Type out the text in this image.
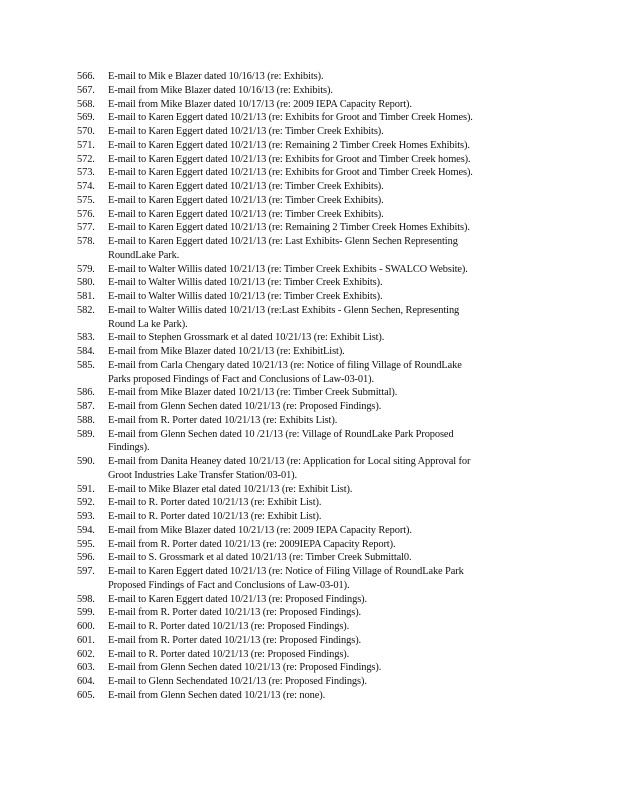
566.	E-mail to Mik e Blazer dated 10/16/13 (re: Exhibits).
567.	E-mail from Mike Blazer dated 10/16/13 (re: Exhibits).
568.	E-mail from Mike Blazer dated 10/17/13 (re: 2009 IEPA Capacity Report).
569.	E-mail to Karen Eggert dated 10/21/13 (re: Exhibits for Groot and Timber Creek Homes).
570.	E-mail to Karen Eggert dated 10/21/13 (re: Timber Creek Exhibits).
571.	E-mail to Karen Eggert dated 10/21/13 (re: Remaining 2 Timber Creek Homes Exhibits).
572.	E-mail to Karen Eggert dated 10/21/13 (re: Exhibits for Groot and Timber Creek homes).
573.	E-mail to Karen Eggert dated 10/21/13 (re: Exhibits for Groot and Timber Creek Homes).
574.	E-mail to Karen Eggert dated 10/21/13 (re: Timber Creek Exhibits).
575.	E-mail to Karen Eggert dated 10/21/13 (re: Timber Creek Exhibits).
576.	E-mail to Karen Eggert dated 10/21/13 (re: Timber Creek Exhibits).
577.	E-mail to Karen Eggert dated 10/21/13 (re: Remaining 2 Timber Creek Homes Exhibits).
578.	E-mail to Karen Eggert dated 10/21/13 (re: Last Exhibits- Glenn Sechen Representing
RoundLake Park.
579.	E-mail to Walter Willis dated 10/21/13 (re: Timber Creek Exhibits - SWALCO Website).
580.	E-mail to Walter Willis dated 10/21/13 (re: Timber Creek Exhibits).
581.	E-mail to Walter Willis dated 10/21/13 (re: Timber Creek Exhibits).
582.	E-mail to Walter Willis dated 10/21/13 (re:Last Exhibits - Glenn Sechen, Representing
Round La ke Park).
583.	E-mail to Stephen Grossmark et al dated 10/21/13 (re: Exhibit List).
584.	E-mail from Mike Blazer dated 10/21/13 (re: ExhibitList).
585.	E-mail from Carla Chengary dated 10/21/13 (re: Notice of filing Village of RoundLake
Parks proposed Findings of Fact and Conclusions of Law-03-01).
586.	E-mail from Mike Blazer dated 10/21/13 (re: Timber Creek Submittal).
587.	E-mail from Glenn Sechen dated 10/21/13 (re: Proposed Findings).
588.	E-mail from R. Porter dated 10/21/13 (re: Exhibits List).
589.	E-mail from Glenn Sechen dated 10 /21/13 (re: Village of RoundLake Park Proposed
Findings).
590.	E-mail from Danita Heaney dated 10/21/13 (re: Application for Local siting Approval for
Groot Industries Lake Transfer Station/03-01).
591.	E-mail to Mike Blazer etal dated 10/21/13 (re: Exhibit List).
592.	E-mail to R. Porter dated 10/21/13 (re: Exhibit List).
593.	E-mail to R. Porter dated 10/21/13 (re: Exhibit List).
594.	E-mail from Mike Blazer dated 10/21/13 (re: 2009 IEPA Capacity Report).
595.	E-mail from R. Porter dated 10/21/13 (re: 2009IEPA Capacity Report).
596.	E-mail to S. Grossmark et al dated 10/21/13 (re: Timber Creek Submittal0.
597.	E-mail to Karen Eggert dated 10/21/13 (re: Notice of Filing Village of RoundLake Park
Proposed Findings of Fact and Conclusions of Law-03-01).
598.	E-mail to Karen Eggert dated 10/21/13 (re: Proposed Findings).
599.	E-mail from R. Porter dated 10/21/13 (re: Proposed Findings).
600.	E-mail to R. Porter dated 10/21/13 (re: Proposed Findings).
601.	E-mail from R. Porter dated 10/21/13 (re: Proposed Findings).
602.	E-mail to R. Porter dated 10/21/13 (re: Proposed Findings).
603.	E-mail from Glenn Sechen dated 10/21/13 (re: Proposed Findings).
604.	E-mail to Glenn Sechendated 10/21/13 (re: Proposed Findings).
605.	E-mail from Glenn Sechen dated 10/21/13 (re: none).
